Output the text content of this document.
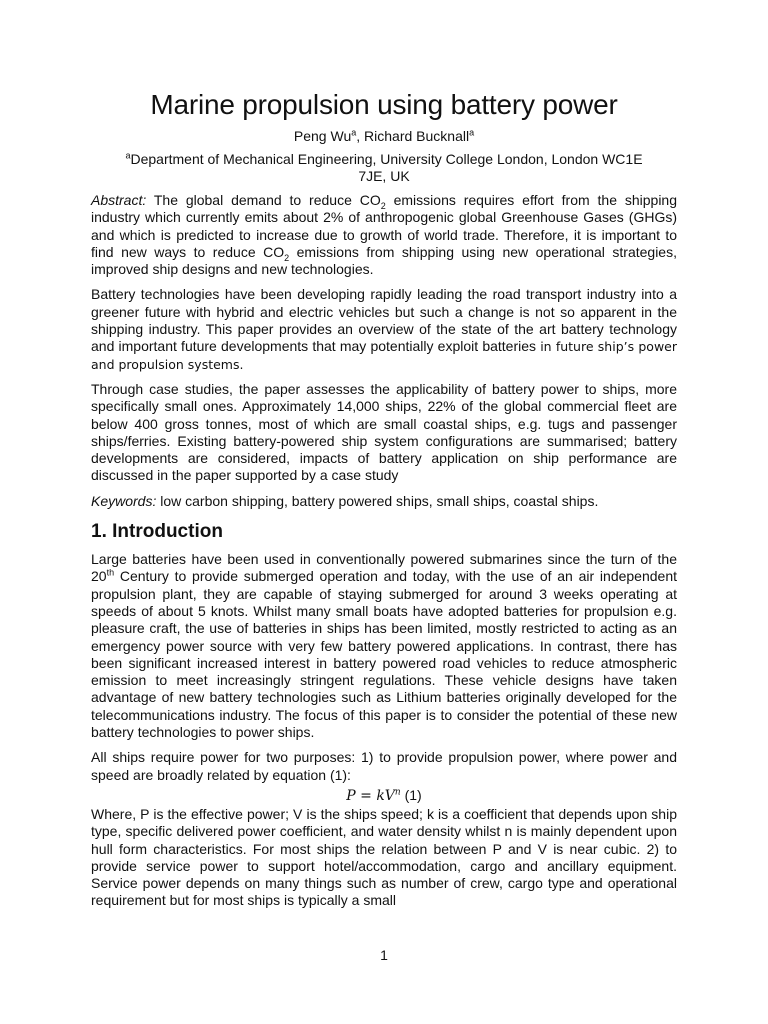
Marine propulsion using battery power
Peng Wu$^a$, Richard Bucknall$^a$
$^a$Department of Mechanical Engineering, University College London, London WC1E
7JE, UK

Abstract: The global demand to reduce $CO_2$ emissions requires effort from the shipping industry which currently emits about 2% of anthropogenic global Greenhouse Gases (GHGs) and which is predicted to increase due to growth of world trade. Therefore, it is important to find new ways to reduce $CO_2$ emissions from shipping using new operational strategies, improved ship designs and new technologies.

Battery technologies have been developing rapidly leading the road transport industry into a greener future with hybrid and electric vehicles but such a change is not so apparent in the shipping industry. This paper provides an overview of the state of the art battery technology and important future developments that may potentially exploit batteries in future ship’s power and propulsion systems.

Through case studies, the paper assesses the applicability of battery power to ships, more specifically small ones. Approximately 14,000 ships, 22% of the global commercial fleet are below 400 gross tonnes, most of which are small coastal ships, e.g. tugs and passenger ships/ferries. Existing battery-powered ship system configurations are summarised; battery developments are considered, impacts of battery application on ship performance are discussed in the paper supported by a case study

Keywords: low carbon shipping, battery powered ships, small ships, coastal ships.

1. Introduction

Large batteries have been used in conventionally powered submarines since the turn of the 20th Century to provide submerged operation and today, with the use of an air independent propulsion plant, they are capable of staying submerged for around 3 weeks operating at speeds of about 5 knots. Whilst many small boats have adopted batteries for propulsion e.g. pleasure craft, the use of batteries in ships has been limited, mostly restricted to acting as an emergency power source with very few battery powered applications. In contrast, there has been significant increased interest in battery powered road vehicles to reduce atmospheric emission to meet increasingly stringent regulations. These vehicle designs have taken advantage of new battery technologies such as Lithium batteries originally developed for the telecommunications industry. The focus of this paper is to consider the potential of these new battery technologies to power ships.

All ships require power for two purposes: 1) to provide propulsion power, where power and speed are broadly related by equation (1):

$P = kV^n$ (1)

Where, P is the effective power; V is the ships speed; k is a coefficient that depends upon ship type, specific delivered power coefficient, and water density whilst n is mainly dependent upon hull form characteristics. For most ships the relation between P and V is near cubic. 2) to provide service power to support hotel/accommodation, cargo and ancillary equipment. Service power depends on many things such as number of crew, cargo type and operational requirement but for most ships is typically a small

1
